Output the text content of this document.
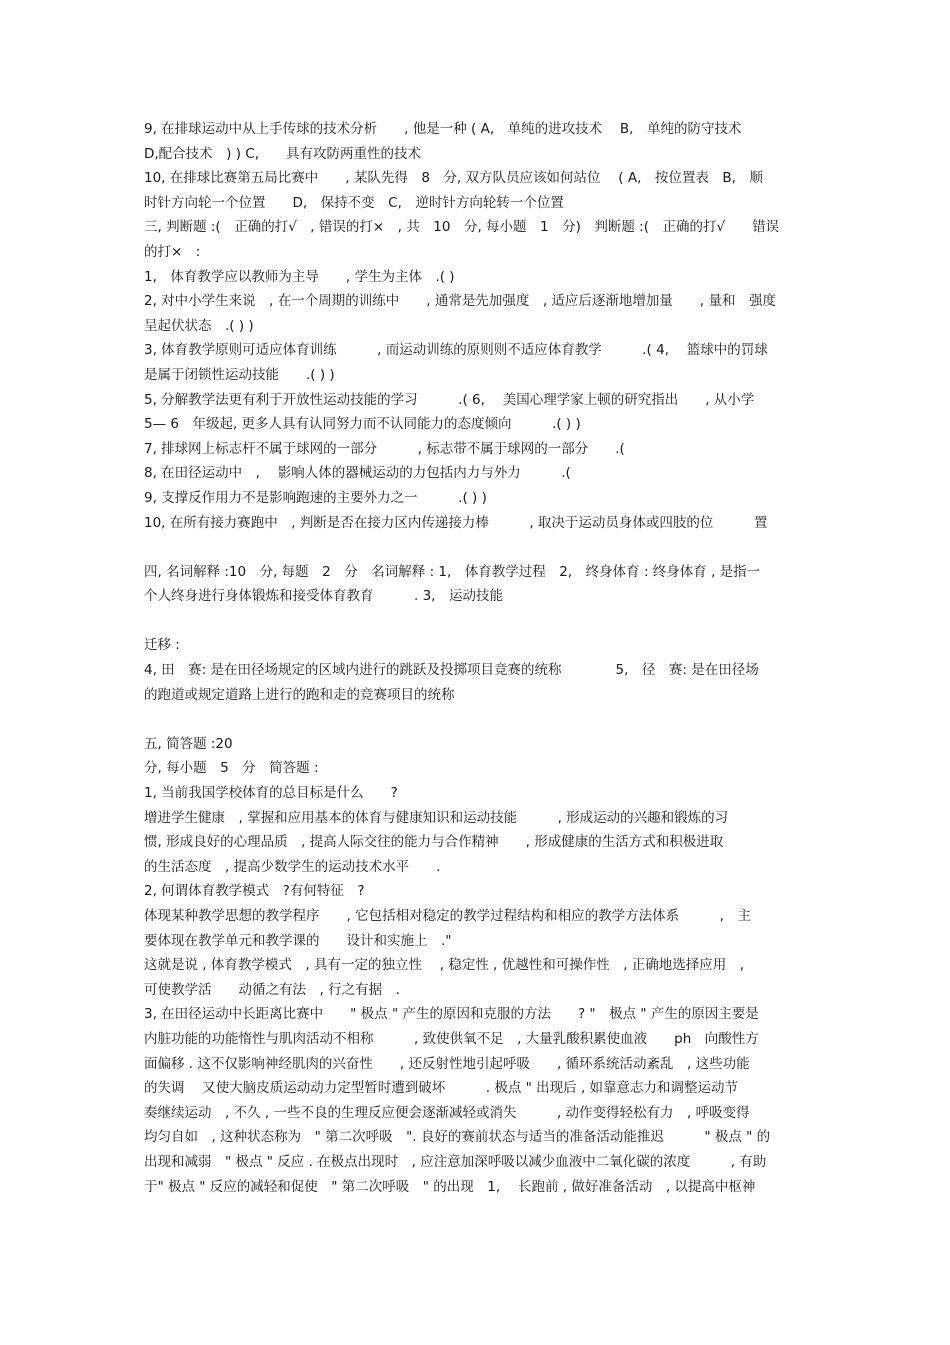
9, 在排球运动中从上手传球的技术分析　　, 他是一种 ( A,　单纯的进攻技术　 B,　单纯的防守技术

D,配合技术　) ) C,　　具有攻防两重性的技术

10, 在排球比赛第五局比赛中　　, 某队先得　8　分, 双方队员应该如何站位　 ( A,　按位置表　B,　顺

时针方向轮一个位置　　D,　保持不变　C,　逆时针方向轮转一个位置

三, 判断题 :(　正确的打√　, 错误的打×　, 共　10　分, 每小题　1　分)　判断题 :(　正确的打√　　错误

的打×　:

1,　体育教学应以教师为主导　　, 学生为主体　.( )

2, 对中小学生来说　, 在一个周期的训练中　　, 通常是先加强度　, 适应后逐渐地增加量　　, 量和　强度

呈起伏状态　.( ) )

3, 体育教学原则可适应体育训练　　　, 而运动训练的原则则不适应体育教学　　　.( 4,　 篮球中的罚球

是属于闭锁性运动技能　　.( ) )

5, 分解教学法更有利于开放性运动技能的学习　　　.( 6,　 美国心理学家上顿的研究指出　　, 从小学

5— 6　年级起, 更多人具有认同努力而不认同能力的态度倾向　　　.( ) )

7, 排球网上标志杆不属于球网的一部分　　　, 标志带不属于球网的一部分　　.(

8, 在田径运动中　,　 影响人体的器械运动的力包括内力与外力　　　.(

9, 支撑反作用力不是影响跑速的主要外力之一　　　.( ) )

10, 在所有接力赛跑中　, 判断是否在接力区内传递接力棒　　　, 取决于运动员身体或四肢的位　　　置

四, 名词解释 :10　分, 每题　2　分　名词解释 : 1,　体育教学过程　2,　终身体育 : 终身体育 , 是指一

个人终身进行身体锻炼和接受体育教育　　　. 3,　运动技能

迁移 :

4, 田　赛: 是在田径场规定的区域内进行的跳跃及投掷项目竞赛的统称　　　　5,　径　赛: 是在田径场

的跑道或规定道路上进行的跑和走的竞赛项目的统称

五, 简答题 :20

分, 每小题　5　分　简答题 :

1, 当前我国学校体育的总目标是什么　　?

增进学生健康　, 掌握和应用基本的体育与健康知识和运动技能　　　, 形成运动的兴趣和锻炼的习

惯, 形成良好的心理品质　, 提高人际交往的能力与合作精神　　, 形成健康的生活方式和积极进取

的生活态度　, 提高少数学生的运动技术水平　　.

2, 何谓体育教学模式　?有何特征　?

体现某种教学思想的教学程序　　, 它包括相对稳定的教学过程结构和相应的教学方法体系　　　,　主

要体现在教学单元和教学课的　　设计和实施上　."

这就是说 , 体育教学模式　, 具有一定的独立性　 , 稳定性 , 优越性和可操作性　, 正确地选择应用　,

可使教学活　　动循之有法　, 行之有据　.

3, 在田径运动中长距离比赛中　　" 极点 " 产生的原因和克服的方法　　? "　极点 " 产生的原因主要是

内脏功能的功能惰性与肌肉活动不相称　　　, 致使供氧不足　, 大量乳酸积累使血液　　ph　向酸性方

面偏移 . 这不仅影响神经肌肉的兴奋性　　, 还反射性地引起呼吸　　, 循环系统活动紊乱　, 这些功能

的失调　 又使大脑皮质运动动力定型暂时遭到破坏　　　. 极点 " 出现后 , 如靠意志力和调整运动节

奏继续运动　, 不久 , 一些不良的生理反应便会逐渐减轻或消失　　　, 动作变得轻松有力　, 呼吸变得

均匀自如　, 这种状态称为　" 第二次呼吸　". 良好的赛前状态与适当的准备活动能推迟　　　" 极点 " 的

出现和减弱　" 极点 " 反应 . 在极点出现时　, 应注意加深呼吸以减少血液中二氧化碳的浓度　　　, 有助

于" 极点 " 反应的减轻和促使　" 第二次呼吸　" 的出现　1,　 长跑前 , 做好准备活动　, 以提高中枢神
